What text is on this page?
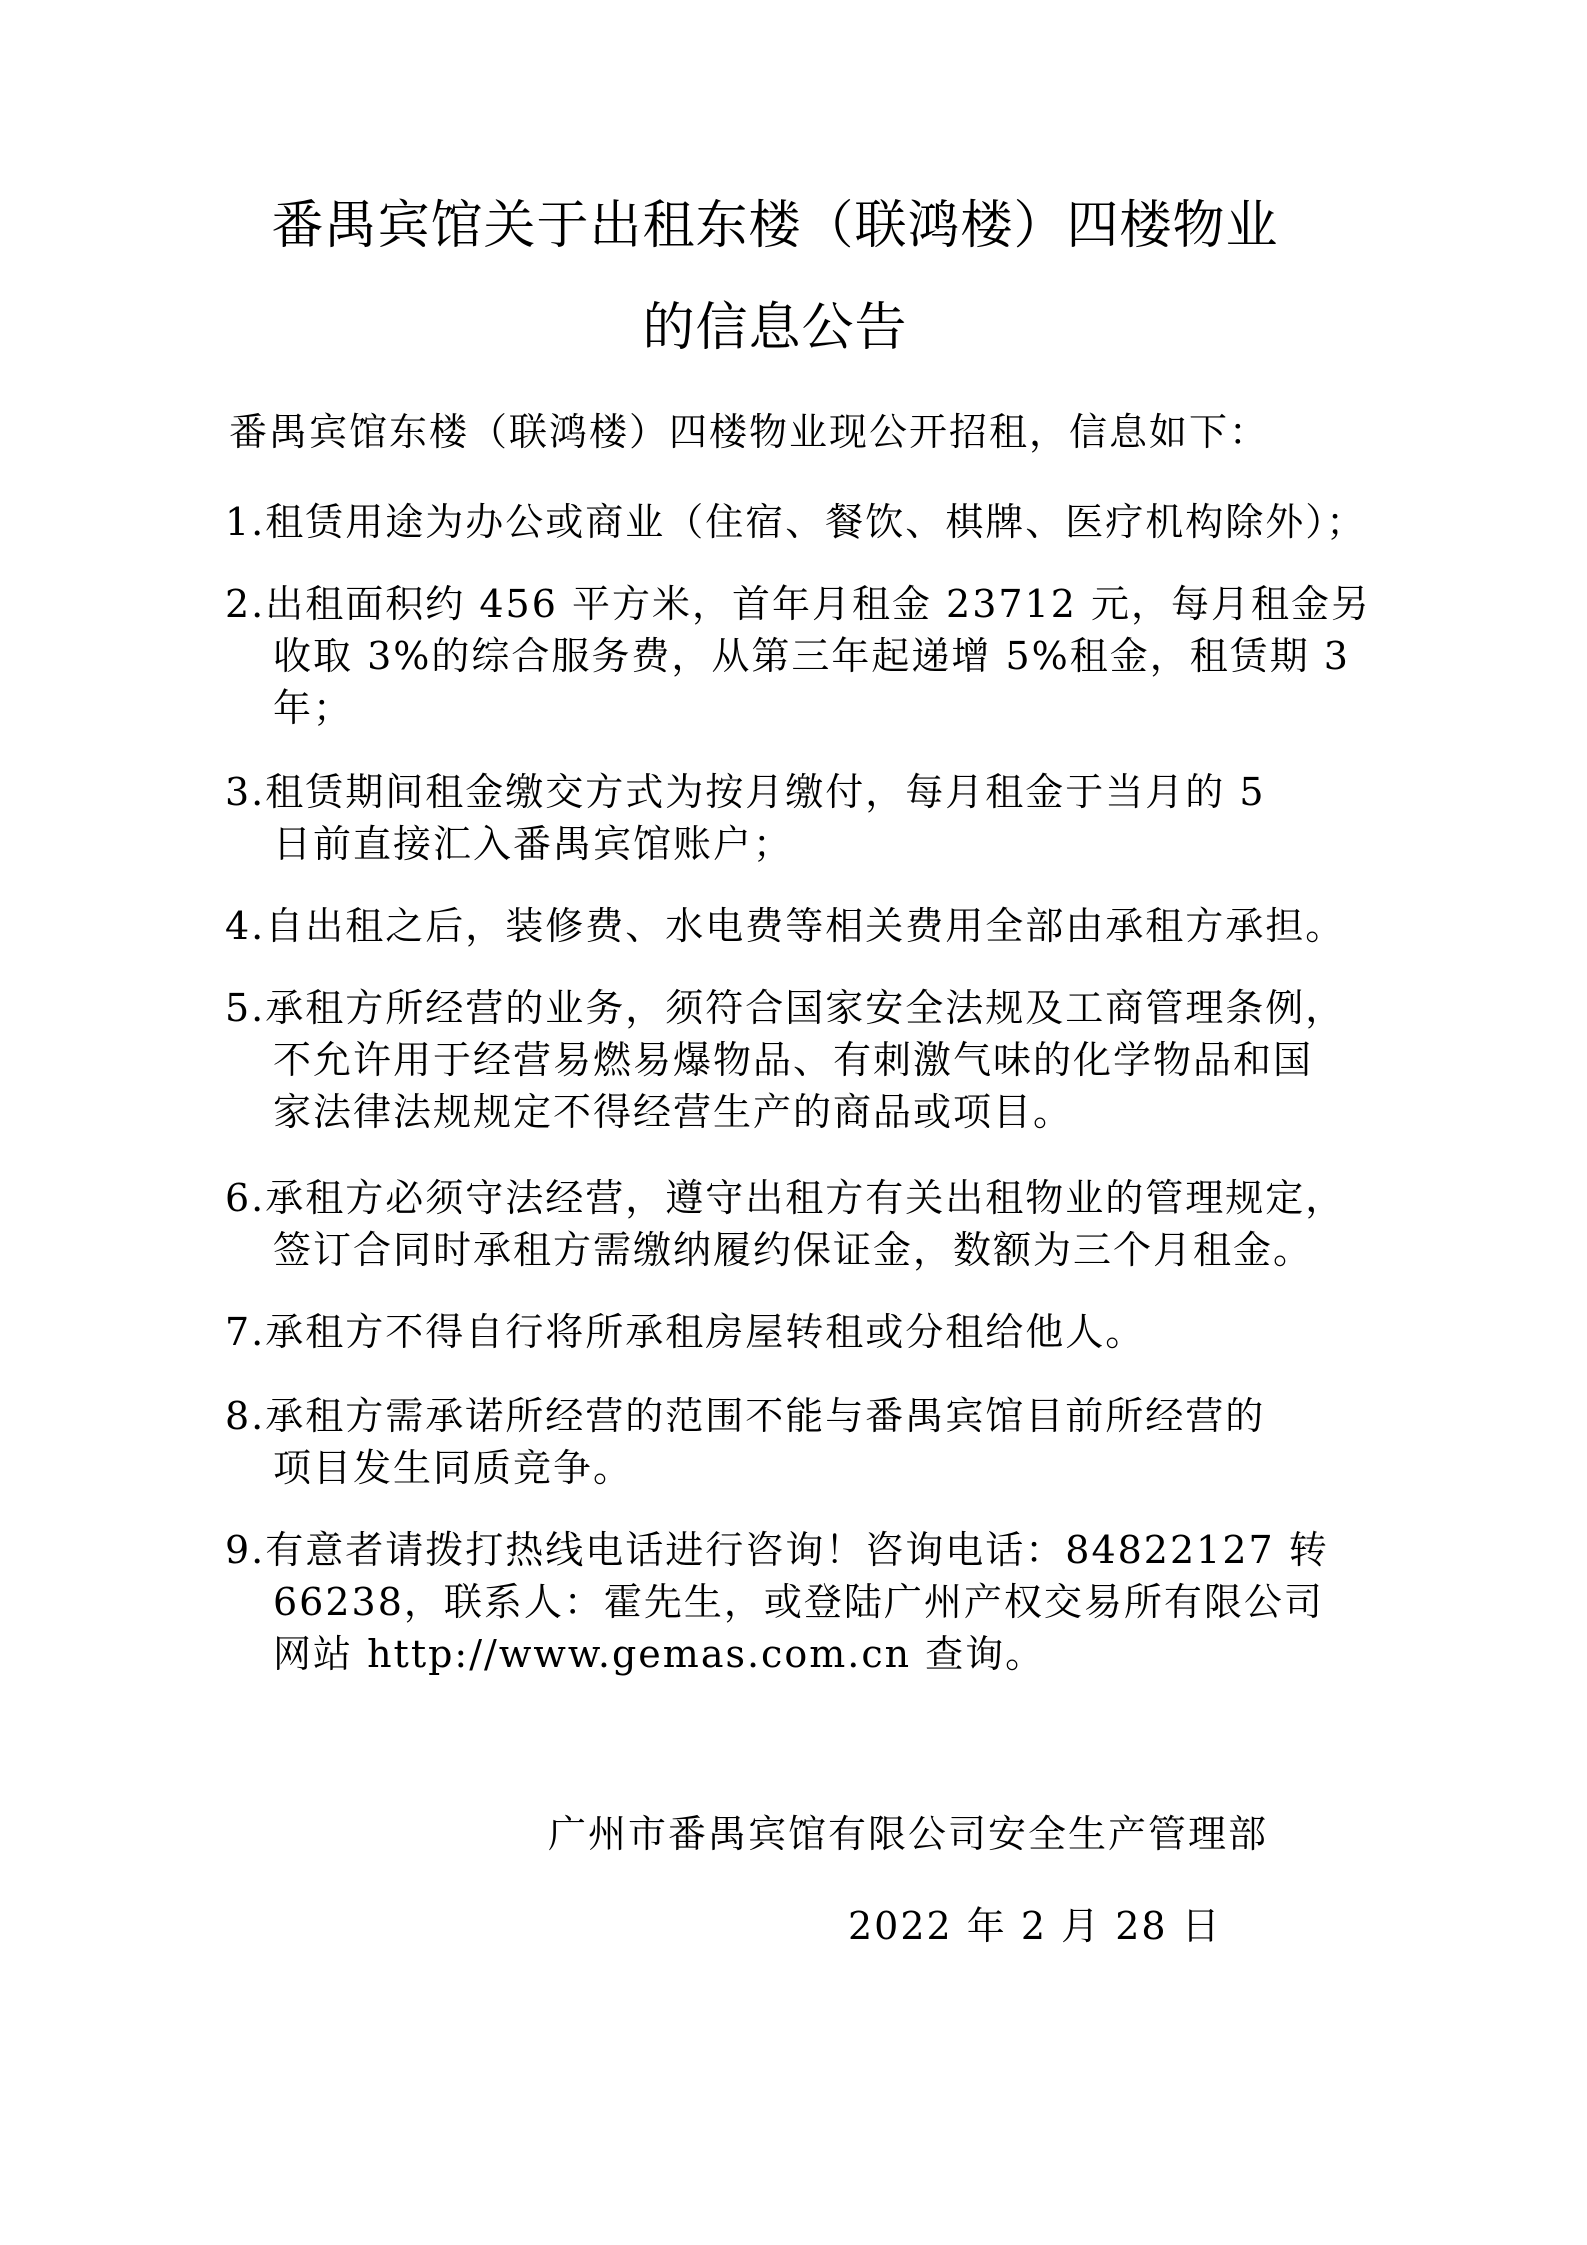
番禺宾馆关于出租东楼（联鸿楼）四楼物业
的信息公告
番禺宾馆东楼（联鸿楼）四楼物业现公开招租，信息如下：
1.租赁用途为办公或商业（住宿、餐饮、棋牌、医疗机构除外）；
2.出租面积约 456 平方米，首年月租金 23712 元，每月租金另
收取 3%的综合服务费，从第三年起递增 5%租金，租赁期 3
年；
3.租赁期间租金缴交方式为按月缴付，每月租金于当月的 5
日前直接汇入番禺宾馆账户；
4.自出租之后，装修费、水电费等相关费用全部由承租方承担。
5.承租方所经营的业务，须符合国家安全法规及工商管理条例，
不允许用于经营易燃易爆物品、有刺激气味的化学物品和国
家法律法规规定不得经营生产的商品或项目。
6.承租方必须守法经营，遵守出租方有关出租物业的管理规定，
签订合同时承租方需缴纳履约保证金，数额为三个月租金。
7.承租方不得自行将所承租房屋转租或分租给他人。
8.承租方需承诺所经营的范围不能与番禺宾馆目前所经营的
项目发生同质竞争。
9.有意者请拨打热线电话进行咨询！咨询电话：84822127 转
66238，联系人：霍先生，或登陆广州产权交易所有限公司
网站 http://www.gemas.com.cn 查询。
广州市番禺宾馆有限公司安全生产管理部
2022 年 2 月 28 日
